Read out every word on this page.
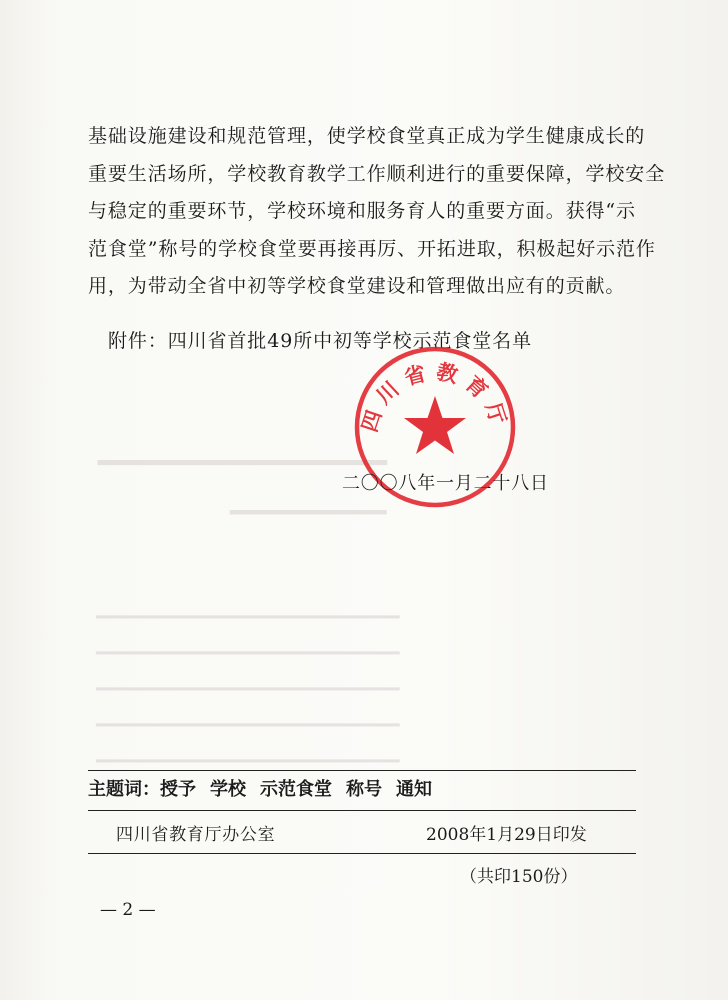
━━━━━━━━━━━━━━━━
━━━━━━━━━━
━━━━━━━━━━━━━━━━━━━━━━━━━━━━
━━━━━━━━━━━━━━━━━━━━━━━━━━━━
━━━━━━━━━━━━━━━━━━━━━━━━━━━━
━━━━━━━━━━━━━━━━━━━━━━━━━━━━
━━━━━━━━━━━━━━━━━━━━━━━━━━━━

基础设施建设和规范管理，使学校食堂真正成为学生健康成长的

重要生活场所，学校教育教学工作顺利进行的重要保障，学校安全

与稳定的重要环节，学校环境和服务育人的重要方面。获得“示

范食堂”称号的学校食堂要再接再厉、开拓进取，积极起好示范作

用，为带动全省中初等学校食堂建设和管理做出应有的贡献。

附件：四川省首批49所中初等学校示范食堂名单
四川省教育厅
二〇〇八年一月二十八日
主题词：授予 学校 示范食堂 称号 通知
四川省教育厅办公室	2008年1月29日印发
（共印150份）
— 2 —
